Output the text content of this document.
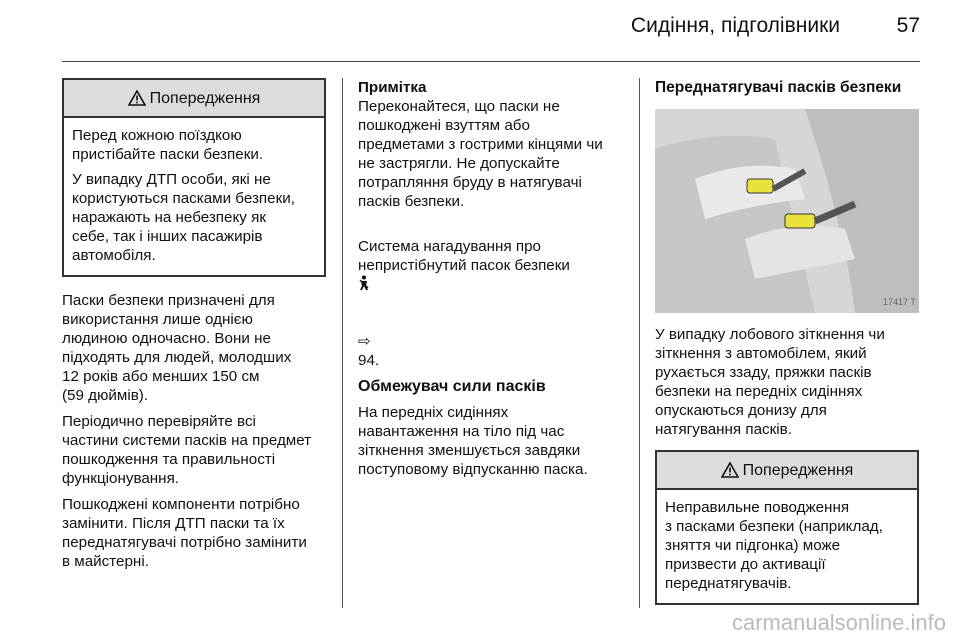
Сидіння, підголівники	57
Попередження

Перед кожною поїздкою
пристібайте паски безпеки.

У випадку ДТП особи, які не
користуються пасками безпеки,
наражають на небезпеку як
себе, так і інших пасажирів
автомобіля.

Паски безпеки призначені для
використання лише однією
людиною одночасно. Вони не
підходять для людей, молодших
12 років або менших 150 см
(59 дюймів).

Періодично перевіряйте всі
частини системи пасків на предмет
пошкодження та правильності
функціонування.

Пошкоджені компоненти потрібно
замінити. Після ДТП паски та їх
переднатягувачі потрібно замінити
в майстерні.

Примітка

Переконайтеся, що паски не
пошкоджені взуттям або
предметами з гострими кінцями чи
не застрягли. Не допускайте
потрапляння бруду в натягувачі
пасків безпеки.

Система нагадування про
непристібнутий пасок безпеки

⇨
94.

Обмежувач сили пасків

На передніх сидіннях
навантаження на тіло під час
зіткнення зменшується завдяки
поступовому відпусканню паска.

Переднатягувачі пасків безпеки

17417 T

У випадку лобового зіткнення чи
зіткнення з автомобілем, який
рухається ззаду, пряжки пасків
безпеки на передніх сидіннях
опускаються донизу для
натягування пасків.

Попередження

Неправильне поводження
з пасками безпеки (наприклад,
зняття чи підгонка) може
призвести до активації
переднатягувачів.

carmanualsonline.info
